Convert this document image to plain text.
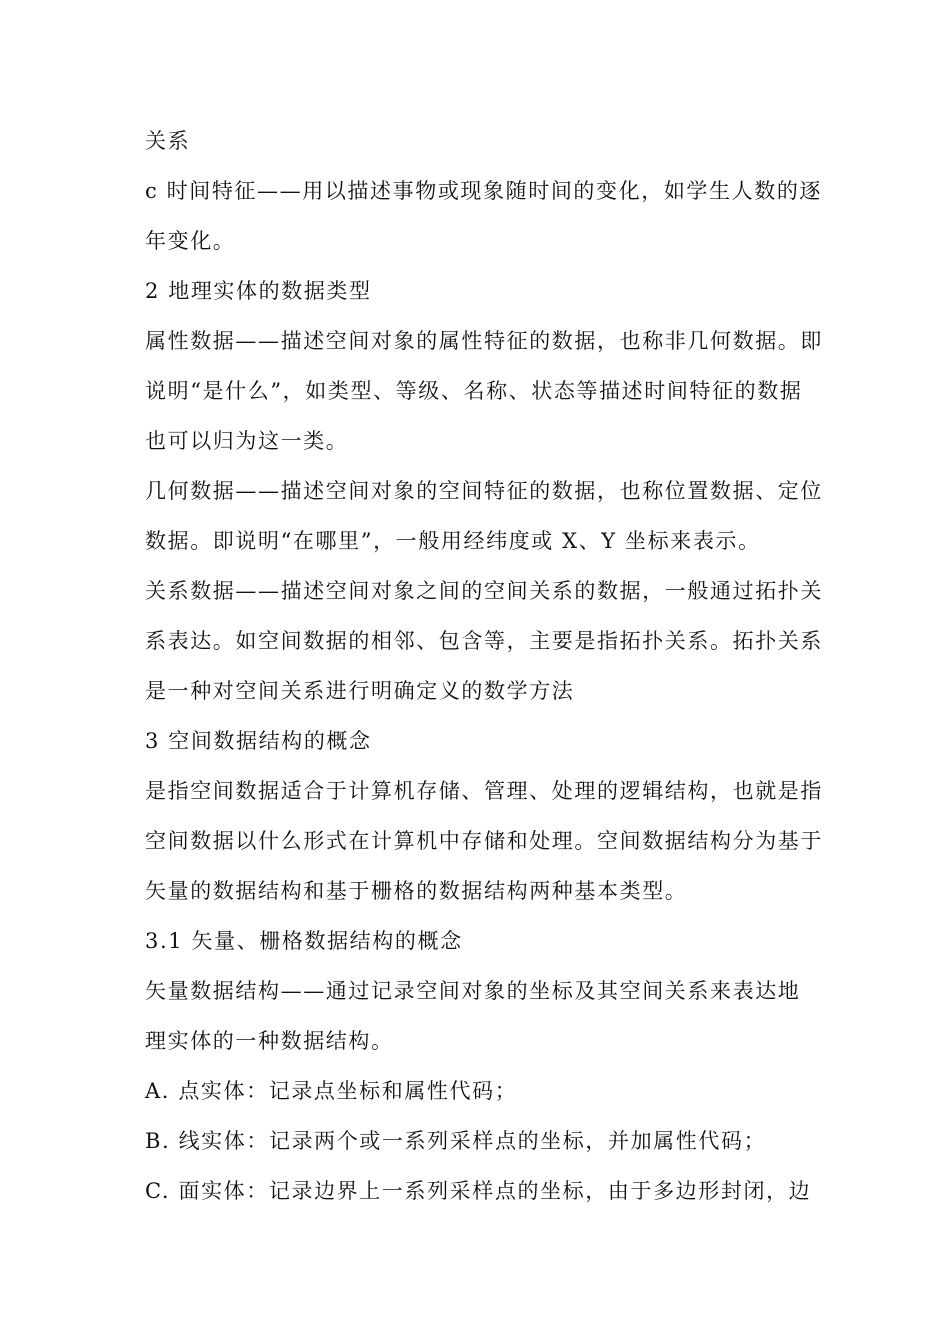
关系
c 时间特征——用以描述事物或现象随时间的变化，如学生人数的逐
年变化。
2 地理实体的数据类型
属性数据——描述空间对象的属性特征的数据，也称非几何数据。即
说明“是什么”，如类型、等级、名称、状态等描述时间特征的数据
也可以归为这一类。
几何数据——描述空间对象的空间特征的数据，也称位置数据、定位
数据。即说明“在哪里”，一般用经纬度或 X、Y 坐标来表示。
关系数据——描述空间对象之间的空间关系的数据，一般通过拓扑关
系表达。如空间数据的相邻、包含等，主要是指拓扑关系。拓扑关系
是一种对空间关系进行明确定义的数学方法
3 空间数据结构的概念
是指空间数据适合于计算机存储、管理、处理的逻辑结构，也就是指
空间数据以什么形式在计算机中存储和处理。空间数据结构分为基于
矢量的数据结构和基于栅格的数据结构两种基本类型。
3.1 矢量、栅格数据结构的概念
矢量数据结构——通过记录空间对象的坐标及其空间关系来表达地
理实体的一种数据结构。
A. 点实体：记录点坐标和属性代码；
B. 线实体：记录两个或一系列采样点的坐标，并加属性代码；
C. 面实体：记录边界上一系列采样点的坐标，由于多边形封闭，边
